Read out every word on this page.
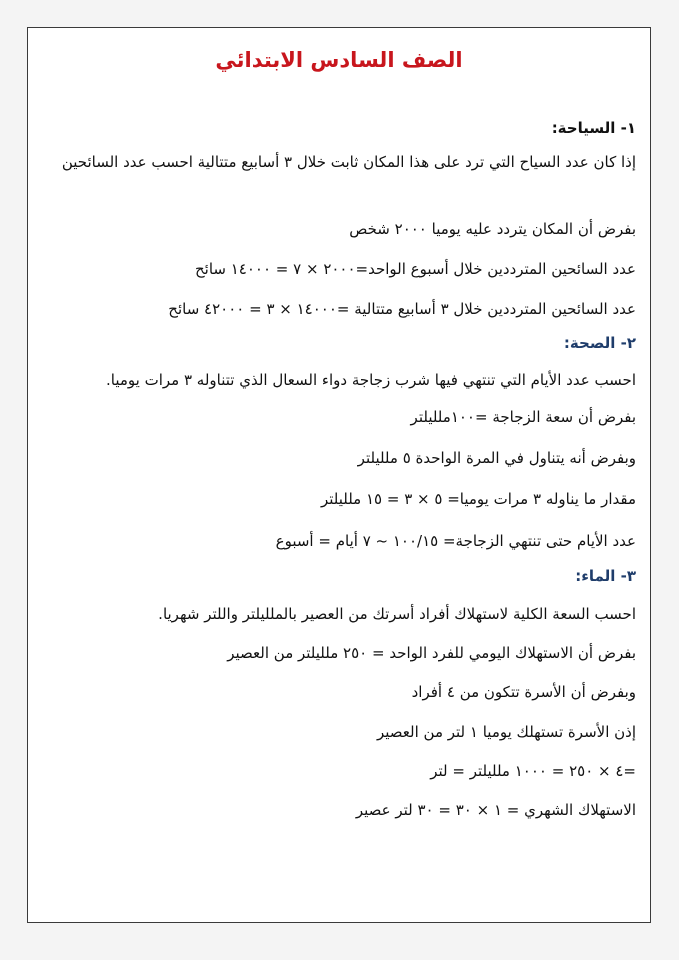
الصف السادس الابتدائي
١- السياحة:
إذا كان عدد السياح التي ترد على هذا المكان ثابت خلال ٣ أسابيع متتالية احسب عدد السائحين
بفرض أن المكان يتردد عليه يوميا ٢٠٠٠ شخص
عدد السائحين المترددين خلال أسبوع الواحد=٢٠٠٠ × ٧ = ١٤٠٠٠ سائح
عدد السائحين المترددين خلال ٣ أسابيع متتالية =١٤٠٠٠ × ٣ = ٤٢٠٠٠ سائح
٢- الصحة:
احسب عدد الأيام التي تنتهي فيها شرب زجاجة دواء السعال الذي تتناوله ٣ مرات يوميا.
بفرض أن سعة الزجاجة =١٠٠مللیلتر
وبفرض أنه يتناول في المرة الواحدة ٥ مللیلتر
مقدار ما يناوله ٣ مرات يوميا= ٥ × ٣ = ١٥ مللیلتر
عدد الأيام حتى تنتهي الزجاجة= ١٠٠/١٥ ~ ٧ أيام = أسبوع
٣- الماء:
احسب السعة الكلية لاستهلاك أفراد أسرتك من العصير بالمللیلتر واللتر شهريا.
بفرض أن الاستهلاك اليومي للفرد الواحد = ٢٥٠ مللیلتر من العصير
وبفرض أن الأسرة تتكون من ٤ أفراد
إذن الأسرة تستهلك يوميا ١ لتر من العصير
=٤ × ٢٥٠ = ١٠٠٠ مللیلتر = لتر
الاستهلاك الشهري = ١ × ٣٠ = ٣٠ لتر عصير
